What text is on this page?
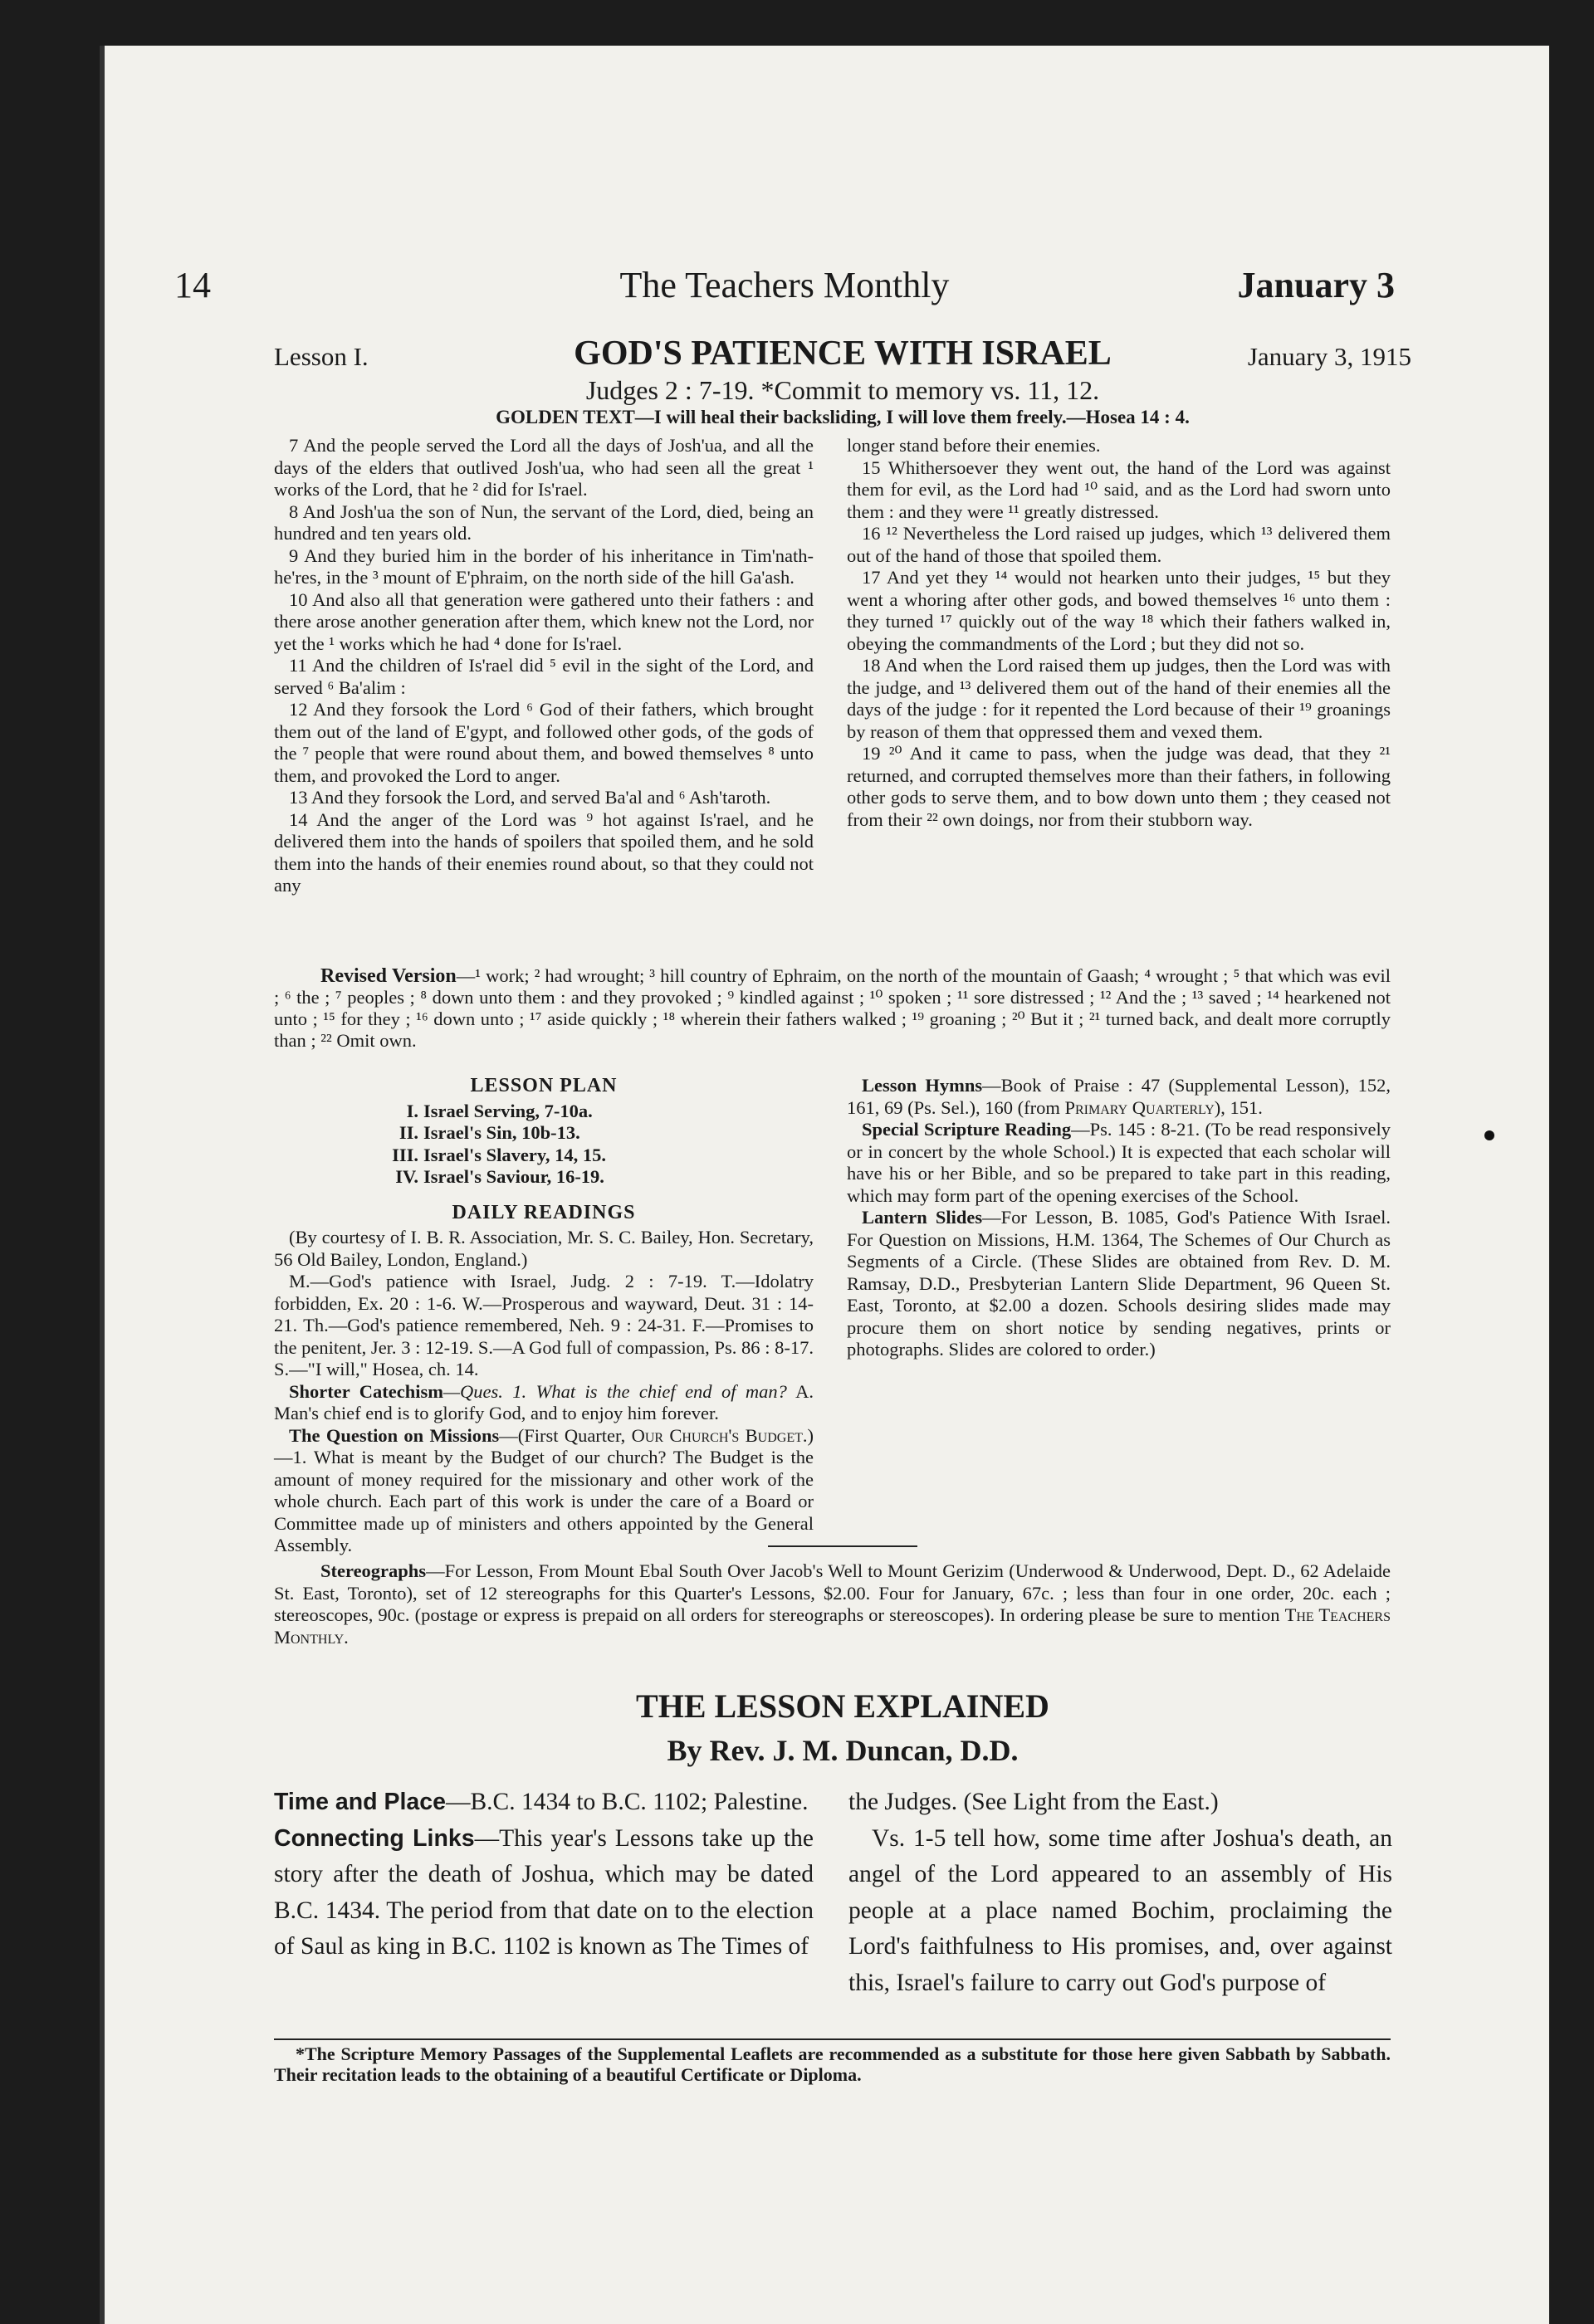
14	The Teachers Monthly	January 3
Lesson I.	GOD'S PATIENCE WITH ISRAEL	January 3, 1915
Judges 2 : 7-19. *Commit to memory vs. 11, 12.
GOLDEN TEXT—I will heal their backsliding, I will love them freely.—Hosea 14 : 4.

7 And the people served the Lord all the days of Josh'ua, and all the days of the elders that outlived Josh'ua, who had seen all the great ¹ works of the Lord, that he ² did for Is'rael.

8 And Josh'ua the son of Nun, the servant of the Lord, died, being an hundred and ten years old.

9 And they buried him in the border of his inheritance in Tim'nath-he'res, in the ³ mount of E'phraim, on the north side of the hill Ga'ash.

10 And also all that generation were gathered unto their fathers : and there arose another generation after them, which knew not the Lord, nor yet the ¹ works which he had ⁴ done for Is'rael.

11 And the children of Is'rael did ⁵ evil in the sight of the Lord, and served ⁶ Ba'alim :

12 And they forsook the Lord ⁶ God of their fathers, which brought them out of the land of E'gypt, and followed other gods, of the gods of the ⁷ people that were round about them, and bowed themselves ⁸ unto them, and provoked the Lord to anger.

13 And they forsook the Lord, and served Ba'al and ⁶ Ash'taroth.

14 And the anger of the Lord was ⁹ hot against Is'rael, and he delivered them into the hands of spoilers that spoiled them, and he sold them into the hands of their enemies round about, so that they could not any

longer stand before their enemies.

15 Whithersoever they went out, the hand of the Lord was against them for evil, as the Lord had ¹⁰ said, and as the Lord had sworn unto them : and they were ¹¹ greatly distressed.

16 ¹² Nevertheless the Lord raised up judges, which ¹³ delivered them out of the hand of those that spoiled them.

17 And yet they ¹⁴ would not hearken unto their judges, ¹⁵ but they went a whoring after other gods, and bowed themselves ¹⁶ unto them : they turned ¹⁷ quickly out of the way ¹⁸ which their fathers walked in, obeying the commandments of the Lord ; but they did not so.

18 And when the Lord raised them up judges, then the Lord was with the judge, and ¹³ delivered them out of the hand of their enemies all the days of the judge : for it repented the Lord because of their ¹⁹ groanings by reason of them that oppressed them and vexed them.

19 ²⁰ And it came to pass, when the judge was dead, that they ²¹ returned, and corrupted themselves more than their fathers, in following other gods to serve them, and to bow down unto them ; they ceased not from their ²² own doings, nor from their stubborn way.

Revised Version—¹ work; ² had wrought; ³ hill country of Ephraim, on the north of the mountain of Gaash; ⁴ wrought ; ⁵ that which was evil ; ⁶ the ; ⁷ peoples ; ⁸ down unto them : and they provoked ; ⁹ kindled against ; ¹⁰ spoken ; ¹¹ sore distressed ; ¹² And the ; ¹³ saved ; ¹⁴ hearkened not unto ; ¹⁵ for they ; ¹⁶ down unto ; ¹⁷ aside quickly ; ¹⁸ wherein their fathers walked ; ¹⁹ groaning ; ²⁰ But it ; ²¹ turned back, and dealt more corruptly than ; ²² Omit own.
LESSON PLAN
I. Israel Serving, 7-10a.
II. Israel's Sin, 10b-13.
III. Israel's Slavery, 14, 15.
IV. Israel's Saviour, 16-19.
DAILY READINGS

(By courtesy of I. B. R. Association, Mr. S. C. Bailey, Hon. Secretary, 56 Old Bailey, London, England.)

M.—God's patience with Israel, Judg. 2 : 7-19. T.—Idolatry forbidden, Ex. 20 : 1-6. W.—Prosperous and wayward, Deut. 31 : 14-21. Th.—God's patience remembered, Neh. 9 : 24-31. F.—Promises to the penitent, Jer. 3 : 12-19. S.—A God full of compassion, Ps. 86 : 8-17. S.—"I will," Hosea, ch. 14.

Shorter Catechism—Ques. 1. What is the chief end of man? A. Man's chief end is to glorify God, and to enjoy him forever.

The Question on Missions—(First Quarter, Our Church's Budget.)—1. What is meant by the Budget of our church? The Budget is the amount of money required for the missionary and other work of the whole church. Each part of this work is under the care of a Board or Committee made up of ministers and others appointed by the General Assembly.

Lesson Hymns—Book of Praise : 47 (Supplemental Lesson), 152, 161, 69 (Ps. Sel.), 160 (from Primary Quarterly), 151.

Special Scripture Reading—Ps. 145 : 8-21. (To be read responsively or in concert by the whole School.) It is expected that each scholar will have his or her Bible, and so be prepared to take part in this reading, which may form part of the opening exercises of the School.

Lantern Slides—For Lesson, B. 1085, God's Patience With Israel. For Question on Missions, H.M. 1364, The Schemes of Our Church as Segments of a Circle. (These Slides are obtained from Rev. D. M. Ramsay, D.D., Presbyterian Lantern Slide Department, 96 Queen St. East, Toronto, at $2.00 a dozen. Schools desiring slides made may procure them on short notice by sending negatives, prints or photographs. Slides are colored to order.)

Stereographs—For Lesson, From Mount Ebal South Over Jacob's Well to Mount Gerizim (Underwood & Underwood, Dept. D., 62 Adelaide St. East, Toronto), set of 12 stereographs for this Quarter's Lessons, $2.00. Four for January, 67c. ; less than four in one order, 20c. each ; stereoscopes, 90c. (postage or express is prepaid on all orders for stereographs or stereoscopes). In ordering please be sure to mention The Teachers Monthly.
THE LESSON EXPLAINED
By Rev. J. M. Duncan, D.D.

Time and Place—B.C. 1434 to B.C. 1102; Palestine.

Connecting Links—This year's Lessons take up the story after the death of Joshua, which may be dated B.C. 1434. The period from that date on to the election of Saul as king in B.C. 1102 is known as The Times of

the Judges. (See Light from the East.)

Vs. 1-5 tell how, some time after Joshua's death, an angel of the Lord appeared to an assembly of His people at a place named Bochim, proclaiming the Lord's faithfulness to His promises, and, over against this, Israel's failure to carry out God's purpose of

*The Scripture Memory Passages of the Supplemental Leaflets are recommended as a substitute for those here given Sabbath by Sabbath. Their recitation leads to the obtaining of a beautiful Certificate or Diploma.
